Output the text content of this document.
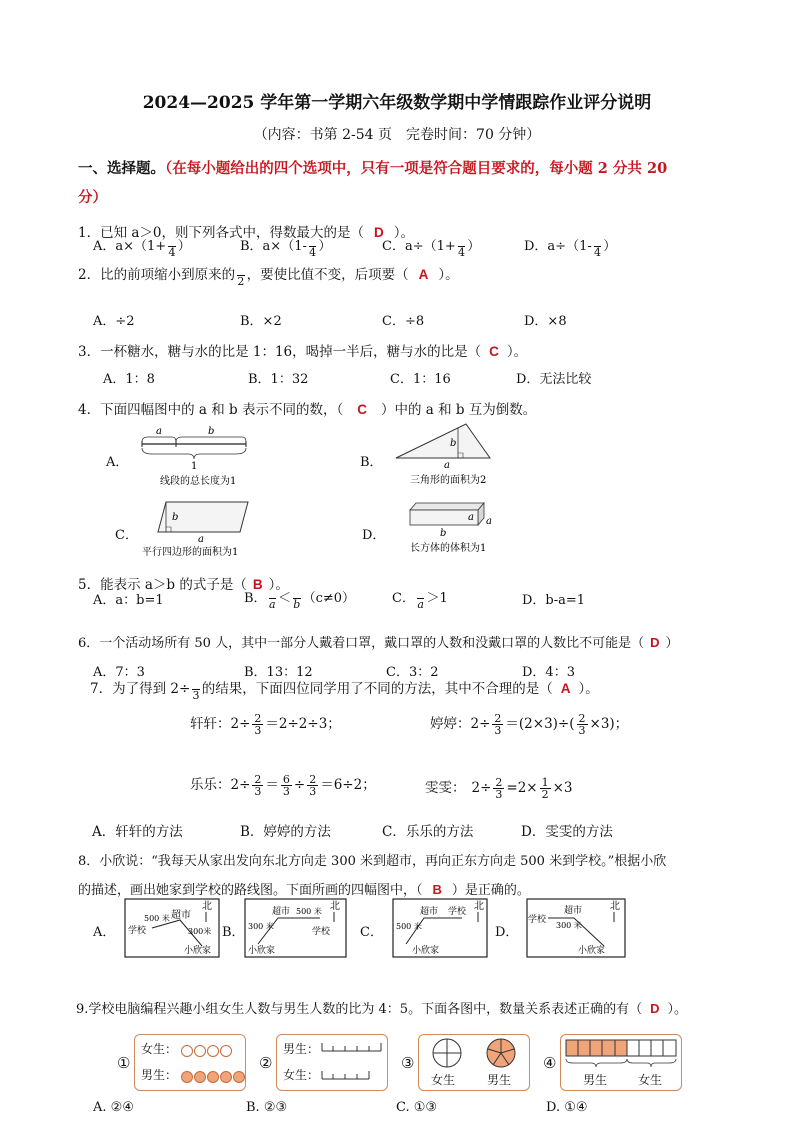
2024—2025 学年第一学期六年级数学期中学情跟踪作业评分说明
（内容：书第 2-54 页　完卷时间：70 分钟）
一、选择题。（在每小题给出的四个选项中，只有一项是符合题目要求的，每小题 2 分共 20
分）
1．已知 a＞0，则下列各式中，得数最大的是（ D ）。
A．a×（1+
4 ）	B．a×（1-
4 ）	C．a÷（1+
4 ）	D．a÷（1-
4 ）
2．比的前项缩小到原来的
2 ，要使比值不变，后项要（ A ）。
A．÷2	B．×2	C．÷8	D．×8
3．一杯糖水，糖与水的比是 1：16，喝掉一半后，糖与水的比是（ C ）。
A．1：8	B．1：32	C．1：16	D．无法比较
4．下面四幅图中的 a 和 b 表示不同的数，（ C ）中的 a 和 b 互为倒数。
A．
a	b
1
线段的总长度为1
B．
b
a
三角形的面积为2
C．
b
a
平行四边形的面积为1
D．
a a
b
长方体的体积为1
5．能表示 a＞b 的式子是（ B ）。
A．a：b=1	B．
a ＜
b （c≠0）	C．
a ＞1	D．b-a=1
6．一个活动场所有 50 人，其中一部分人戴着口罩，戴口罩的人数和没戴口罩的人数比不可能是（ D ）
A．7：3	B．13：12	C．3：2	D．4：3
7．为了得到 2÷
3 的结果，下面四位同学用了不同的方法，其中不合理的是（ A ）。
轩轩：$2\div \frac{2}{3} =2\div 2\div 3$；	婷婷：$2\div \frac{2}{3} =(2\times 3)\div( \frac{2}{3} \times 3)$；
乐乐：$2\div \frac{2}{3} = \frac{6}{3} \div \frac{2}{3} =6\div 2$；	雯雯： $2\div \frac{2}{3} =2\times \frac{1}{2} \times 3$
A．轩轩的方法	B．婷婷的方法	C．乐乐的方法	D．雯雯的方法
8．小欣说：“我每天从家出发向东北方向走 300 米到超市，再向正东方向走 500 米到学校。”根据小欣
的描述，画出她家到学校的路线图。下面所画的四幅图中，（ B ）是正确的。
A．
北
超市
500 米
学校	300米
小欣家
B．
北
超市 500 米
300 米
学校
小欣家
C．
北
超市 学校
500 米
小欣家
D．
北
学校
超市
300 米
小欣家
9.学校电脑编程兴趣小组女生人数与男生人数的比为 4：5。下面各图中，数量关系表述正确的有（ D ）。
①
女生：
男生：
②
男生：
女生：
③
女生	男生
④
男生	女生
A. ②④	B. ②③	C. ①③	D. ①④
